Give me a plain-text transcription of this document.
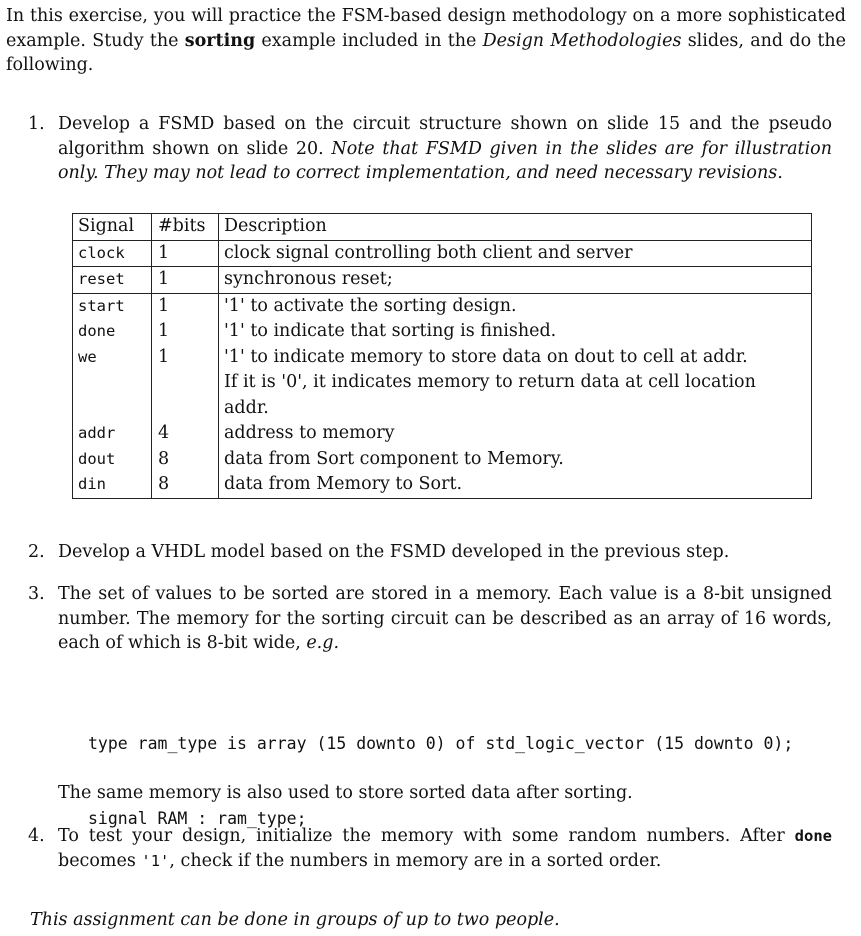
In this exercise, you will practice the FSM-based design methodology on a more sophisticated example. Study the sorting example included in the Design Methodologies slides, and do the following.
1. Develop a FSMD based on the circuit structure shown on slide 15 and the pseudo algorithm shown on slide 20. Note that FSMD given in the slides are for illustration only. They may not lead to correct implementation, and need necessary revisions.

Signal	#bits	Description
clock	1	clock signal controlling both client and server
reset	1	synchronous reset;
start	1	'1' to activate the sorting design.
done	1	'1' to indicate that sorting is finished.
we	1	'1' to indicate memory to store data on dout to cell at addr.
If it is '0', it indicates memory to return data at cell location
addr.

addr	4	address to memory
dout	8	data from Sort component to Memory.
din	8	data from Memory to Sort.
2. Develop a VHDL model based on the FSMD developed in the previous step.

3. The set of values to be sorted are stored in a memory. Each value is a 8-bit unsigned number. The memory for the sorting circuit can be described as an array of 16 words, each of which is 8-bit wide, e.g.

type ram_type is array (15 downto 0) of std_logic_vector (15 downto 0);

signal RAM : ram_type;

The same memory is also used to store sorted data after sorting.
4. To test your design, initialize the memory with some random numbers. After done becomes '1', check if the numbers in memory are in a sorted order.

This assignment can be done in groups of up to two people.
